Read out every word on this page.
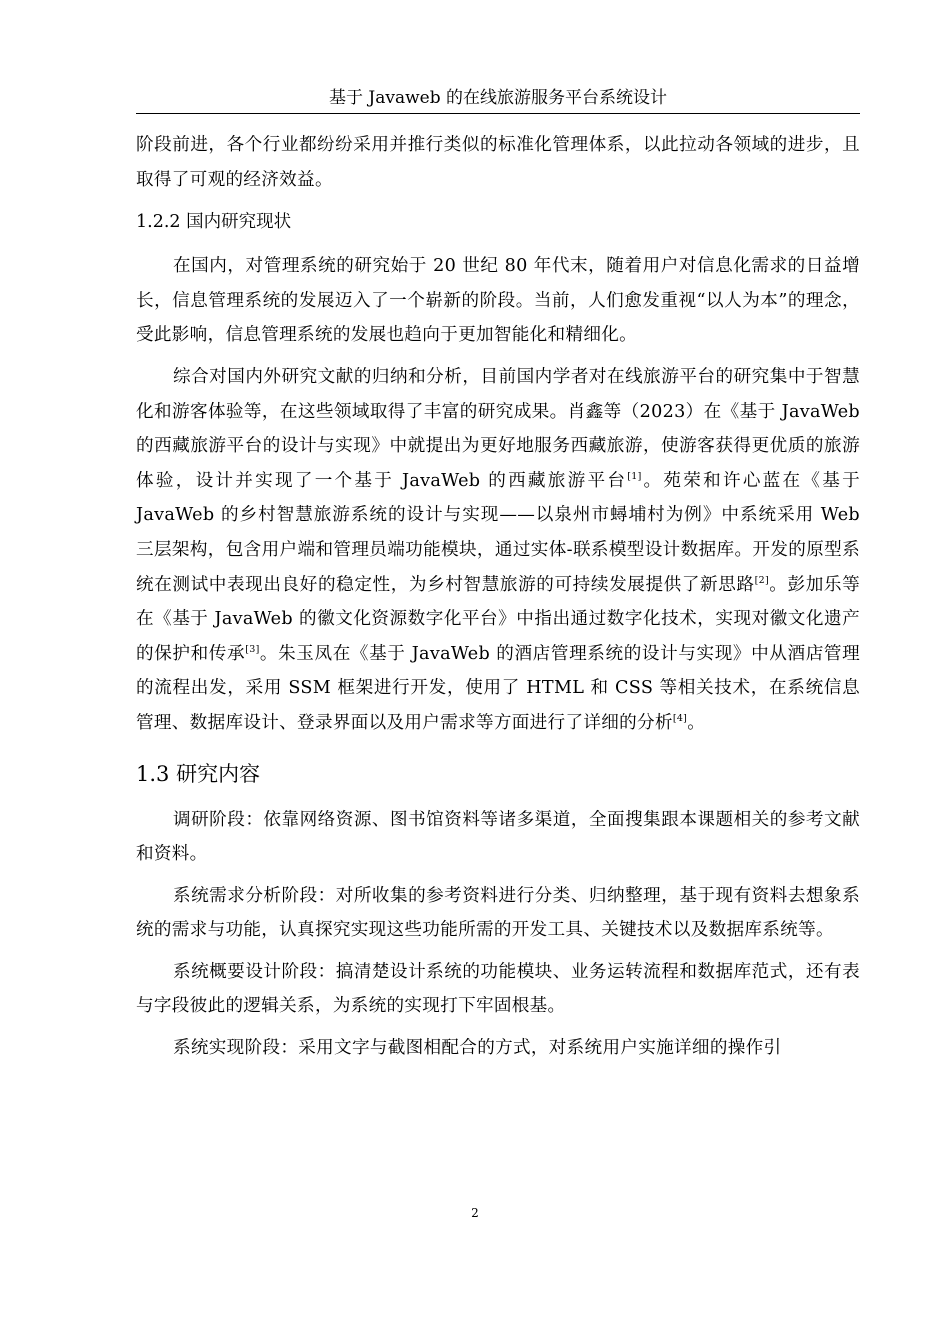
基于 Javaweb 的在线旅游服务平台系统设计

阶段前进，各个行业都纷纷采用并推行类似的标准化管理体系，以此拉动各领域的进步，且取得了可观的经济效益。

1.2.2 国内研究现状

在国内，对管理系统的研究始于 20 世纪 80 年代末，随着用户对信息化需求的日益增长，信息管理系统的发展迈入了一个崭新的阶段。当前，人们愈发重视“以人为本”的理念，受此影响，信息管理系统的发展也趋向于更加智能化和精细化。

综合对国内外研究文献的归纳和分析，目前国内学者对在线旅游平台的研究集中于智慧化和游客体验等，在这些领域取得了丰富的研究成果。肖鑫等（2023）在《基于 JavaWeb 的西藏旅游平台的设计与实现》中就提出为更好地服务西藏旅游，使游客获得更优质的旅游体验，设计并实现了一个基于 JavaWeb 的西藏旅游平台[1]。苑荣和许心蓝在《基于 JavaWeb 的乡村智慧旅游系统的设计与实现——以泉州市蟳埔村为例》中系统采用 Web 三层架构，包含用户端和管理员端功能模块，通过实体-联系模型设计数据库。开发的原型系统在测试中表现出良好的稳定性，为乡村智慧旅游的可持续发展提供了新思路[2]。彭加乐等在《基于 JavaWeb 的徽文化资源数字化平台》中指出通过数字化技术，实现对徽文化遗产的保护和传承[3]。朱玉凤在《基于 JavaWeb 的酒店管理系统的设计与实现》中从酒店管理的流程出发，采用 SSM 框架进行开发，使用了 HTML 和 CSS 等相关技术，在系统信息管理、数据库设计、登录界面以及用户需求等方面进行了详细的分析[4]。

1.3 研究内容

调研阶段：依靠网络资源、图书馆资料等诸多渠道，全面搜集跟本课题相关的参考文献和资料。

系统需求分析阶段：对所收集的参考资料进行分类、归纳整理，基于现有资料去想象系统的需求与功能，认真探究实现这些功能所需的开发工具、关键技术以及数据库系统等。

系统概要设计阶段：搞清楚设计系统的功能模块、业务运转流程和数据库范式，还有表与字段彼此的逻辑关系，为系统的实现打下牢固根基。

系统实现阶段：采用文字与截图相配合的方式，对系统用户实施详细的操作引

2
